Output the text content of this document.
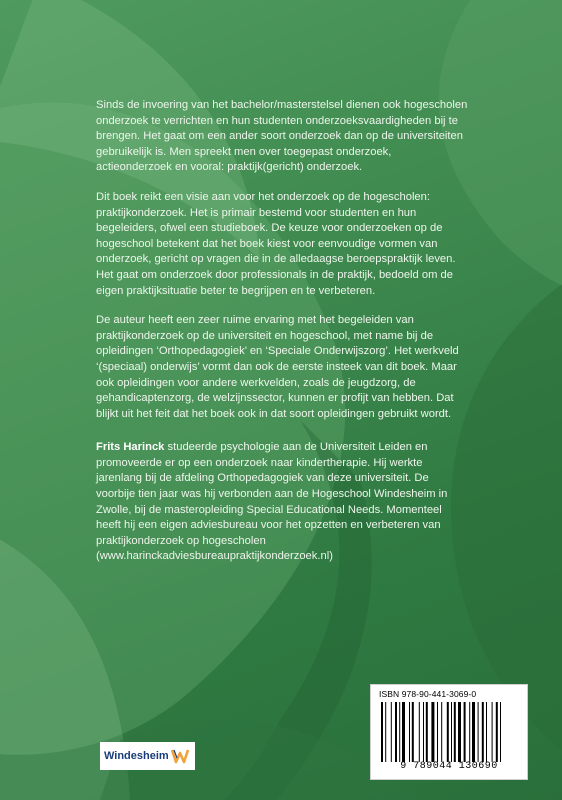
Sinds de invoering van het bachelor/masterstelsel dienen ook hogescholen onderzoek te verrichten en hun studenten onderzoeksvaardigheden bij te brengen. Het gaat om een ander soort onderzoek dan op de universiteiten gebruikelijk is. Men spreekt men over toegepast onderzoek, actieonderzoek en vooral: praktijk(gericht) onderzoek.

Dit boek reikt een visie aan voor het onderzoek op de hogescholen: praktijkonderzoek. Het is primair bestemd voor studenten en hun begeleiders, ofwel een studieboek. De keuze voor onderzoeken op de hogeschool betekent dat het boek kiest voor eenvoudige vormen van onderzoek, gericht op vragen die in de alledaagse beroepspraktijk leven. Het gaat om onderzoek door professionals in de praktijk, bedoeld om de eigen praktijksituatie beter te begrijpen en te verbeteren.

De auteur heeft een zeer ruime ervaring met het begeleiden van praktijkonderzoek op de universiteit en hogeschool, met name bij de opleidingen ‘Orthopedagogiek’ en ‘Speciale Onderwijszorg’. Het werkveld ‘(speciaal) onderwijs’ vormt dan ook de eerste insteek van dit boek. Maar ook opleidingen voor andere werkvelden, zoals de jeugdzorg, de gehandicaptenzorg, de welzijnssector, kunnen er profijt van hebben. Dat blijkt uit het feit dat het boek ook in dat soort opleidingen gebruikt wordt.

Frits Harinck studeerde psychologie aan de Universiteit Leiden en promoveerde er op een onderzoek naar kindertherapie. Hij werkte jarenlang bij de afdeling Orthopedagogiek van deze universiteit. De voorbije tien jaar was hij verbonden aan de Hogeschool Windesheim in Zwolle, bij de masteropleiding Special Educational Needs. Momenteel heeft hij een eigen adviesbureau voor het opzetten en verbeteren van praktijkonderzoek op hogescholen (www.harinckadviesbureaupraktijkonderzoek.nl)

ISBN 978-90-441-3069-0
9 789044 130690
Windesheim
